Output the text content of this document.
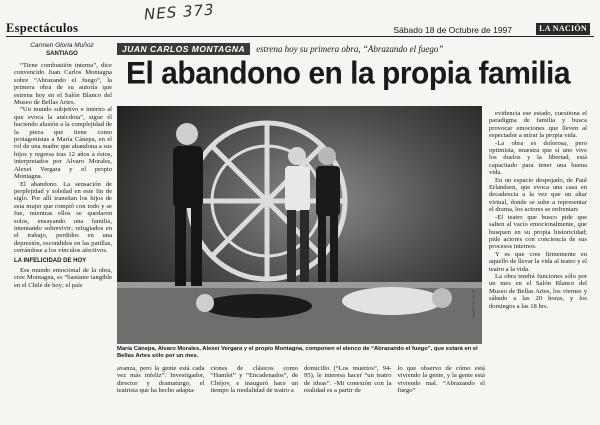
NES 373
Espectáculos	Sábado 18 de Octubre de 1997	LA NACIÓN
Carmen Gloria Muñoz
SANTIAGO	JUAN CARLOS MONTAGNA	estrena hoy su primera obra, “Abrazando el fuego”
El abandono en la propia familia

“Tiene combustión interna”, dice convencido Juan Carlos Montagna sobre “Abrazando el fuego”, la primera obra de su autoría que estrena hoy en el Salón Blanco del Museo de Bellas Artes.

“Un mundo subjetivo e interno al que evoca la anécdota”, sigue él haciendo alusión a la complejidad de la pieza que tiene como protagonistas a María Cánepa, en el rol de una madre que abandona a sus hijos y regresa tras 12 años a éstos, interpretados por Alvaro Morales, Alexei Vergara y el propio Montagna.

El abandono. La sensación de perplejidad y soledad en este fin de siglo. Por allí transitan los hijos de esta mujer que rompió con todo y se fue, mientras ellos se quedaron solos, ensayando una familia, intentando sobrevivir; refugiados en el trabajo, perdidos en una depresión, escondidos en las patillas, cerrándose a los vínculos afectivos.

LA INFELICIDAD DE HOY

Ese mundo emocional de la obra, cree Montagna, es “bastante tangible en el Chile de hoy; el país

MARCOS RUIZ
María Cánepa, Alvaro Morales, Alexei Vergara y el propio Montagna, componen el elenco de “Abrazando el fuego”, que estará en el Bellas Artes sólo por un mes.

evidencia ese estado, cuestiona el paradigma de familia y busca provocar emociones que lleven al espectador a mirar la propia vida.

-La obra es dolorosa, pero optimista, muestra que sí uno vive los duelos y la libertad, está capacitado para tener una buena vida.

En un espacio despojado, de Paul Erlandsen, que evoca una casa en decadencia a la vez que un altar virtual, donde se sube a representar el drama, los actores se enfrentan:

-El teatro que busco pide que salten al vacío emocionalmente, que busquen en su propia historicidad; pide actores con conciencia de sus procesos internos.

Y es que cree firmemente en aquello de llevar la vida al teatro y el teatro a la vida.

La obra tendrá funciones sólo por un mes en el Salón Blanco del Museo de Bellas Artes, los viernes y sábado a las 20 horas, y los domingos a las 18 hrs.

avanza, pero la gente está cada vez más infeliz”. Investigador, director y dramaturgo, el teatrista que ha hecho adapta-
ciones de clásicos como “Hamlet” y “Encadenados”, de Chéjov, e inauguró hace un tiempo la modalidad de teatro a
domicilio (“Los muertos”, 94-95), le interesa hacer “un teatro de ideas”. -Mi conexión con la realidad es a partir de
lo que observo de cómo está viviendo la gente, y la gente está viviendo mal. “Abrazando el fuego”
